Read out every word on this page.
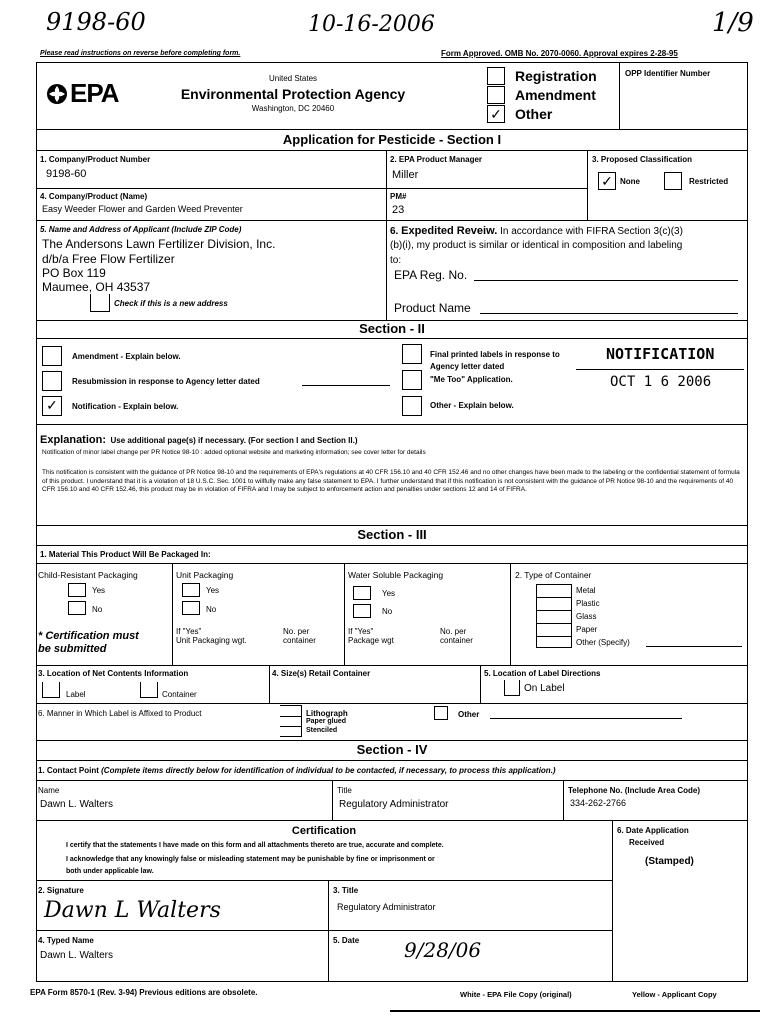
9198-60	10-16-2006	1/9
Please read instructions on reverse before completing form.	Form Approved. OMB No. 2070-0060. Approval expires 2-28-95
EPA	United States
Environmental Protection Agency
Washington, DC 20460
Registration
Amendment
✓ Other
OPP Identifier Number
Application for Pesticide - Section I
1. Company/Product Number
9198-60
2. EPA Product Manager
Miller
3. Proposed Classification
✓ None	Restricted
4. Company/Product (Name)
Easy Weeder Flower and Garden Weed Preventer
PM#
23
5. Name and Address of Applicant (Include ZIP Code)
The Andersons Lawn Fertilizer Division, Inc.
d/b/a Free Flow Fertilizer
PO Box 119
Maumee, OH 43537
Check if this is a new address
6. Expedited Reveiw. In accordance with FIFRA Section 3(c)(3)
(b)(i), my product is similar or identical in composition and labeling
to:
EPA Reg. No.
Product Name
Section - II
Amendment - Explain below.
Resubmission in response to Agency letter dated
✓	Notification - Explain below.
Final printed labels in response to
Agency letter dated
"Me Too" Application.
Other - Explain below.
NOTIFICATION
OCT 1 6 2006
Explanation: Use additional page(s) if necessary. (For section I and Section II.)
Notification of minor label change per PR Notice 98-10 : added optional website and marketing information; see cover letter for details
This notification is consistent with the guidance of PR Notice 98-10 and the requirements of EPA's regulations at 40 CFR 156.10 and 40 CFR 152.46 and no other changes have been made to the labeling or the confidential statement of formula of this product. I understand that it is a violation of 18 U.S.C. Sec. 1001 to willfully make any false statement to EPA. I further understand that if this notification is not consistent with the guidance of PR Notice 98-10 and the requirements of 40 CFR 156.10 and 40 CFR 152.46, this product may be in violation of FIFRA and I may be subject to enforcement action and penalties under sections 12 and 14 of FIFRA.
Section - III
1. Material This Product Will Be Packaged In:
Child-Resistant Packaging
Yes
No
* Certification must
be submitted
Unit Packaging
Yes
No
If "Yes"
Unit Packaging wgt.
No. per
container
Water Soluble Packaging
Yes
No
If "Yes"
Package wgt
No. per
container
2. Type of Container
Metal
Plastic
Glass
Paper
Other (Specify)
3. Location of Net Contents Information
Label	Container
4. Size(s) Retail Container	5. Location of Label Directions
On Label
6. Manner in Which Label is Affixed to Product	Lithograph
Paper glued
Stenciled
Other
Section - IV
1. Contact Point (Complete items directly below for identification of individual to be contacted, if necessary, to process this application.)
Name
Dawn L. Walters
Title
Regulatory Administrator
Telephone No. (Include Area Code)
334-262-2766
Certification
I certify that the statements I have made on this form and all attachments thereto are true, accurate and complete.
I acknowledge that any knowingly false or misleading statement may be punishable by fine or imprisonment or
both under applicable law.
6. Date Application
Received
(Stamped)
2. Signature
Dawn L Walters
3. Title
Regulatory Administrator
4. Typed Name
Dawn L. Walters
5. Date 9/28/06
EPA Form 8570-1 (Rev. 3-94) Previous editions are obsolete.	White - EPA File Copy (original)	Yellow - Applicant Copy
